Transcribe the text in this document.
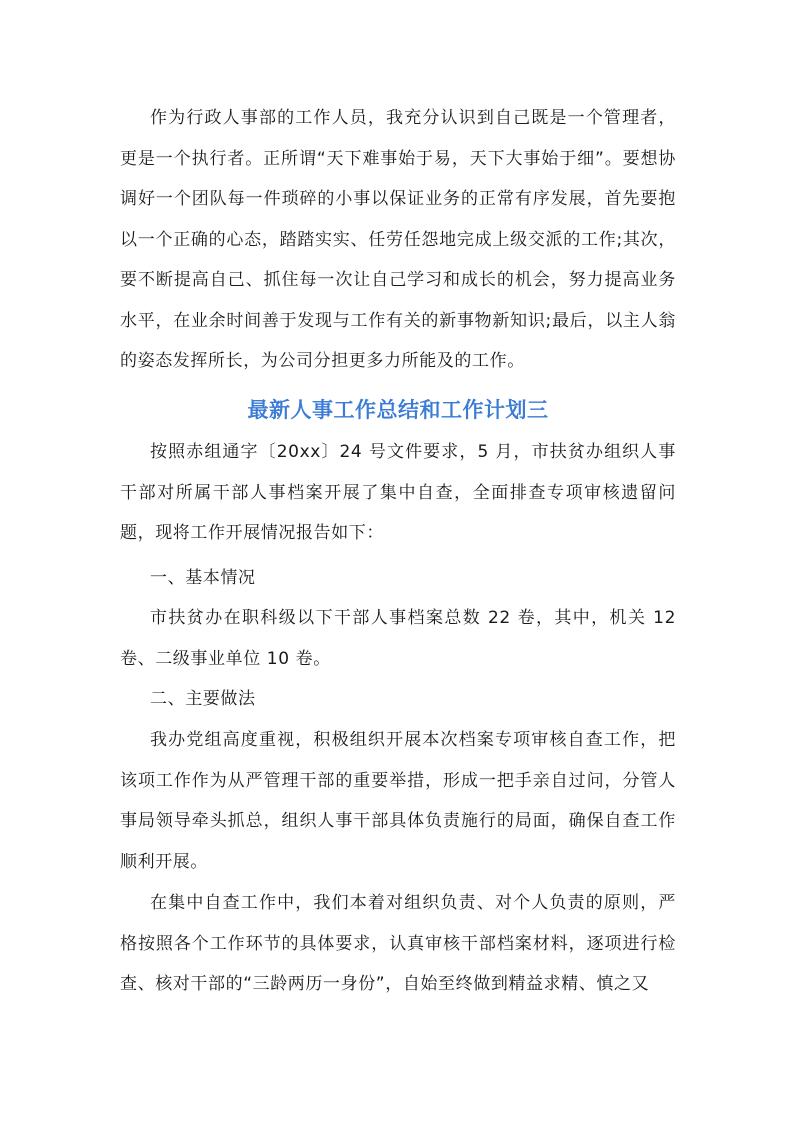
作为行政人事部的工作人员，我充分认识到自己既是一个管理者，更是一个执行者。正所谓“天下难事始于易，天下大事始于细”。要想协调好一个团队每一件琐碎的小事以保证业务的正常有序发展，首先要抱以一个正确的心态，踏踏实实、任劳任怨地完成上级交派的工作;其次，要不断提高自己、抓住每一次让自己学习和成长的机会，努力提高业务水平，在业余时间善于发现与工作有关的新事物新知识;最后，以主人翁的姿态发挥所长，为公司分担更多力所能及的工作。

最新人事工作总结和工作计划三

按照赤组通字〔20xx〕24 号文件要求，5 月，市扶贫办组织人事干部对所属干部人事档案开展了集中自查，全面排查专项审核遗留问题，现将工作开展情况报告如下：

一、基本情况

市扶贫办在职科级以下干部人事档案总数 22 卷，其中，机关 12 卷、二级事业单位 10 卷。

二、主要做法

我办党组高度重视，积极组织开展本次档案专项审核自查工作，把该项工作作为从严管理干部的重要举措，形成一把手亲自过问，分管人事局领导牵头抓总，组织人事干部具体负责施行的局面，确保自查工作顺利开展。

在集中自查工作中，我们本着对组织负责、对个人负责的原则，严格按照各个工作环节的具体要求，认真审核干部档案材料，逐项进行检查、核对干部的“三龄两历一身份”，自始至终做到精益求精、慎之又
